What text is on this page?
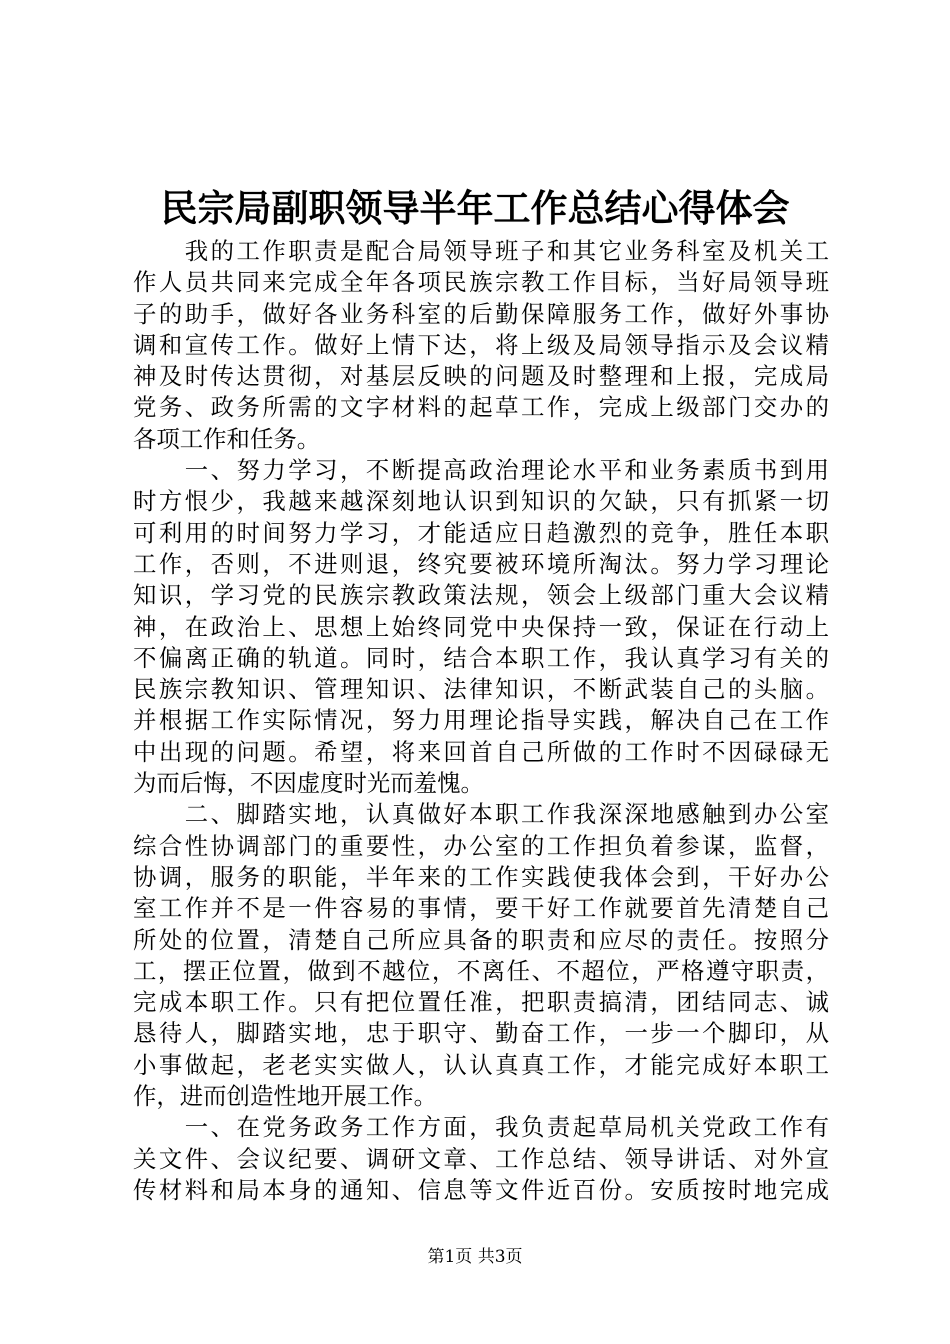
民宗局副职领导半年工作总结心得体会
　　我的工作职责是配合局领导班子和其它业务科室及机关工
作人员共同来完成全年各项民族宗教工作目标，当好局领导班
子的助手，做好各业务科室的后勤保障服务工作，做好外事协
调和宣传工作。做好上情下达，将上级及局领导指示及会议精
神及时传达贯彻，对基层反映的问题及时整理和上报，完成局
党务、政务所需的文字材料的起草工作，完成上级部门交办的
各项工作和任务。
　　一、努力学习，不断提高政治理论水平和业务素质书到用
时方恨少，我越来越深刻地认识到知识的欠缺，只有抓紧一切
可利用的时间努力学习，才能适应日趋激烈的竞争，胜任本职
工作，否则，不进则退，终究要被环境所淘汰。努力学习理论
知识，学习党的民族宗教政策法规，领会上级部门重大会议精
神，在政治上、思想上始终同党中央保持一致，保证在行动上
不偏离正确的轨道。同时，结合本职工作，我认真学习有关的
民族宗教知识、管理知识、法律知识，不断武装自己的头脑。
并根据工作实际情况，努力用理论指导实践，解决自己在工作
中出现的问题。希望，将来回首自己所做的工作时不因碌碌无
为而后悔，不因虚度时光而羞愧。
　　二、脚踏实地，认真做好本职工作我深深地感触到办公室
综合性协调部门的重要性，办公室的工作担负着参谋，监督，
协调，服务的职能，半年来的工作实践使我体会到，干好办公
室工作并不是一件容易的事情，要干好工作就要首先清楚自己
所处的位置，清楚自己所应具备的职责和应尽的责任。按照分
工，摆正位置，做到不越位，不离任、不超位，严格遵守职责，
完成本职工作。只有把位置任准，把职责搞清，团结同志、诚
恳待人，脚踏实地，忠于职守、勤奋工作，一步一个脚印，从
小事做起，老老实实做人，认认真真工作，才能完成好本职工
作，进而创造性地开展工作。
　　一、在党务政务工作方面，我负责起草局机关党政工作有
关文件、会议纪要、调研文章、工作总结、领导讲话、对外宣
传材料和局本身的通知、信息等文件近百份。安质按时地完成
第1页 共3页
